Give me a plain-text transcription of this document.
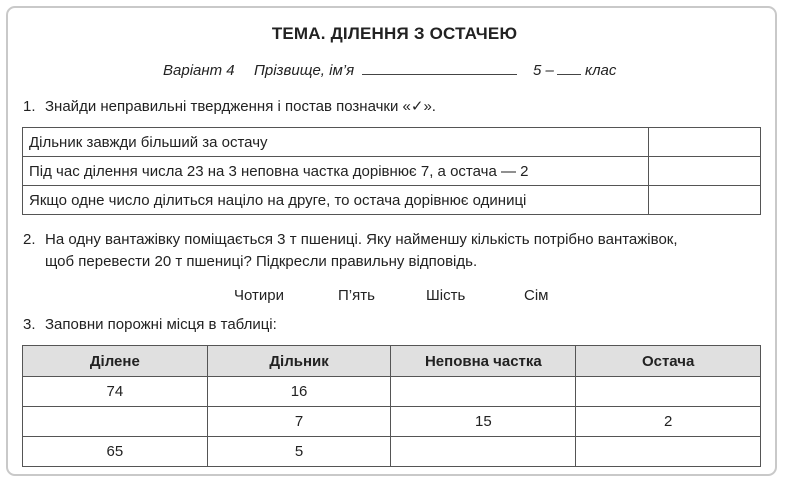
ТЕМА. ДІЛЕННЯ З ОСТАЧЕЮ
Варіант 4 Прізвище, ім’я	5 – клас
1. Знайди неправильні твердження і постав позначки «✓».
Дільник завжди більший за остачу	
Під час ділення числа 23 на 3 неповна частка дорівнює 7, а остача — 2	
Якщо одне число ділиться націло на друге, то остача дорівнює одиниці	
2. На одну вантажівку поміщається 3 т пшениці. Яку найменшу кількість потрібно вантажівок,
щоб перевести 20 т пшениці? Підкресли правильну відповідь.
Чотири	П’ять	Шість	Сім
3. Заповни порожні місця в таблиці:
Ділене	Дільник	Неповна частка	Остача
74	16		
	7	15	2
65	5		
